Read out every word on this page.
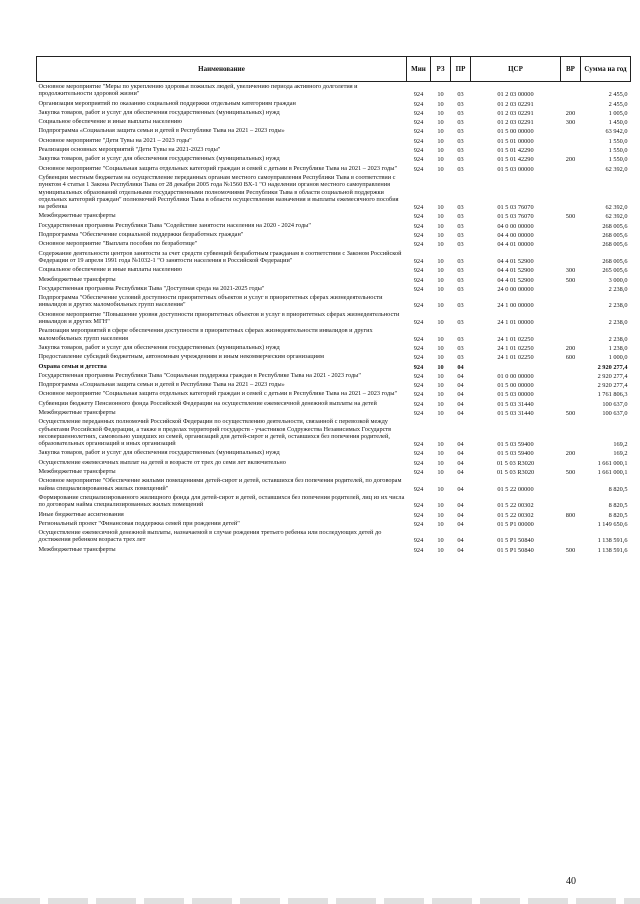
Наименование	Мин	РЗ	ПР	ЦСР	ВР	Сумма на год
Основное мероприятие "Меры по укреплению здоровья пожилых людей, увеличению периода активного долголетия и продолжительности здоровой жизни"	924	10	03	01 2 03 00000		2 455,0
Организация мероприятий по оказанию социальной поддержки отдельным категориям граждан	924	10	03	01 2 03 02291		2 455,0
Закупка товаров, работ и услуг для обеспечения государственных (муниципальных) нужд	924	10	03	01 2 03 02291	200	1 005,0
Социальное обеспечение и иные выплаты населению	924	10	03	01 2 03 02291	300	1 450,0
Подпрограмма «Социальная защита семьи и детей в Республике Тыва на 2021 – 2023 годы»	924	10	03	01 5 00 00000		63 942,0
Основное мероприятие "Дети Тувы на 2021 – 2023 годы"	924	10	03	01 5 01 00000		1 550,0
Реализация основных мероприятий "Дети Тувы на 2021-2023 годы"	924	10	03	01 5 01 42290		1 550,0
Закупка товаров, работ и услуг для обеспечения государственных (муниципальных) нужд	924	10	03	01 5 01 42290	200	1 550,0
Основное мероприятие "Социальная защита отдельных категорий граждан и семей с детьми в Республике Тыва на 2021 – 2023 годы"	924	10	03	01 5 03 00000		62 392,0
Субвенции местным бюджетам на осуществление переданных органам местного самоуправления Республики Тыва в соответствии с пунктом 4 статьи 1 Закона Республики Тыва от 28 декабря 2005 года №1560 ВХ-1 "О наделении органов местного самоуправления муниципальных образований отдельными государственными полномочиями Республики Тыва в области социальной поддержки отдельных категорий граждан" полномочий Республики Тыва в области осуществления назначения и выплаты ежемесячного пособия на ребенка	924	10	03	01 5 03 76070		62 392,0
Межбюджетные трансферты	924	10	03	01 5 03 76070	500	62 392,0
Государственная программа Республики Тыва "Содействие занятости населения на 2020 - 2024 годы"	924	10	03	04 0 00 00000		268 005,6
Подпрограмма "Обеспечение социальной поддержки безработных граждан"	924	10	03	04 4 00 00000		268 005,6
Основное мероприятие "Выплата пособия по безработице"	924	10	03	04 4 01 00000		268 005,6
Содержание деятельности центров занятости за счет средств субвенций безработным гражданам в соответствии с Законом Российской Федерации от 19 апреля 1991 года №1032-1 "О занятости населения в Российской Федерации"	924	10	03	04 4 01 52900		268 005,6
Социальное обеспечение и иные выплаты населению	924	10	03	04 4 01 52900	300	265 005,6
Межбюджетные трансферты	924	10	03	04 4 01 52900	500	3 000,0
Государственная программа Республики Тыва "Доступная среда на 2021-2025 годы"	924	10	03	24 0 00 00000		2 238,0
Подпрограмма "Обеспечение условий доступности приоритетных объектов и услуг в приоритетных сферах жизнедеятельности инвалидов и других маломобильных групп населения"	924	10	03	24 1 00 00000		2 238,0
Основное мероприятие "Повышение уровня доступности приоритетных объектов и услуг в приоритетных сферах жизнедеятельности инвалидов и других МГН"	924	10	03	24 1 01 00000		2 238,0
Реализация мероприятий в сфере обеспечения доступности в приоритетных сферах жизнедеятельности инвалидов и других маломобильных групп населения	924	10	03	24 1 01 02250		2 238,0
Закупка товаров, работ и услуг для обеспечения государственных (муниципальных) нужд	924	10	03	24 1 01 02250	200	1 238,0
Предоставление субсидий бюджетным, автономным учреждениям и иным некоммерческим организациям	924	10	03	24 1 01 02250	600	1 000,0
Охрана семьи и детства	924	10	04			2 920 277,4
Государственная программа Республики Тыва "Социальная поддержка граждан в Республике Тыва на 2021 - 2023 годы"	924	10	04	01 0 00 00000		2 920 277,4
Подпрограмма «Социальная защита семьи и детей в Республике Тыва на 2021 – 2023 годы»	924	10	04	01 5 00 00000		2 920 277,4
Основное мероприятие "Социальная защита отдельных категорий граждан и семей с детьми в Республике Тыва на 2021 – 2023 годы"	924	10	04	01 5 03 00000		1 761 806,3
Субвенции бюджету Пенсионного фонда Российской Федерации на осуществление ежемесячной денежной выплаты на детей	924	10	04	01 5 03 31440		100 637,0
Межбюджетные трансферты	924	10	04	01 5 03 31440	500	100 637,0
Осуществление переданных полномочий Российской Федерации по осуществлению деятельности, связанной с перевозкой между субъектами Российской Федерации, а также в пределах территорий государств - участников Содружества Независимых Государств несовершеннолетних, самовольно ушедших из семей, организаций для детей-сирот и детей, оставшихся без попечения родителей, образовательных организаций и иных организаций	924	10	04	01 5 03 59400		169,2
Закупка товаров, работ и услуг для обеспечения государственных (муниципальных) нужд	924	10	04	01 5 03 59400	200	169,2
Осуществление ежемесячных выплат на детей в возрасте от трех до семи лет включительно	924	10	04	01 5 03 R3020		1 661 000,1
Межбюджетные трансферты	924	10	04	01 5 03 R3020	500	1 661 000,1
Основное мероприятие "Обеспечение жилыми помещениями детей-сирот и детей, оставшихся без попечения родителей, по договорам найма специализированных жилых помещений"	924	10	04	01 5 22 00000		8 820,5
Формирование специализированного жилищного фонда для детей-сирот и детей, оставшихся без попечения родителей, лиц из их числа по договорам найма специализированных жилых помещений	924	10	04	01 5 22 00302		8 820,5
Иные бюджетные ассигнования	924	10	04	01 5 22 00302	800	8 820,5
Региональный проект "Финансовая поддержка семей при рождении детей"	924	10	04	01 5 P1 00000		1 149 650,6
Осуществление ежемесячной денежной выплаты, назначаемой в случае рождения третьего ребенка или последующих детей до достижения ребенком возраста трех лет	924	10	04	01 5 P1 50840		1 138 591,6
Межбюджетные трансферты	924	10	04	01 5 P1 50840	500	1 138 591,6
40
